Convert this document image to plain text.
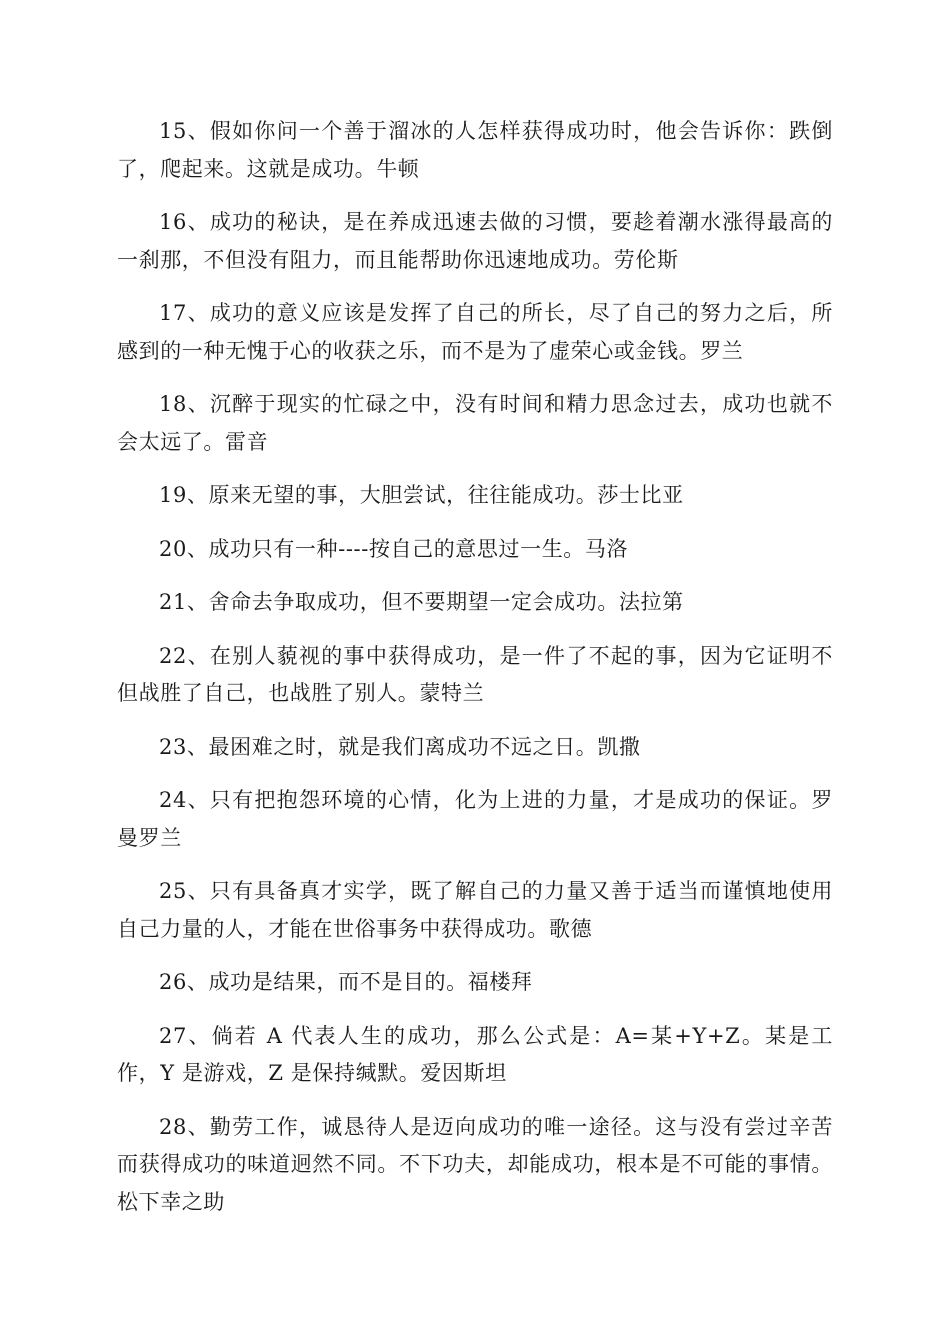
15、假如你问一个善于溜冰的人怎样获得成功时，他会告诉你：跌倒了，爬起来。这就是成功。牛顿

16、成功的秘诀，是在养成迅速去做的习惯，要趁着潮水涨得最高的一刹那，不但没有阻力，而且能帮助你迅速地成功。劳伦斯

17、成功的意义应该是发挥了自己的所长，尽了自己的努力之后，所感到的一种无愧于心的收获之乐，而不是为了虚荣心或金钱。罗兰

18、沉醉于现实的忙碌之中，没有时间和精力思念过去，成功也就不会太远了。雷音

19、原来无望的事，大胆尝试，往往能成功。莎士比亚

20、成功只有一种----按自己的意思过一生。马洛

21、舍命去争取成功，但不要期望一定会成功。法拉第

22、在别人藐视的事中获得成功，是一件了不起的事，因为它证明不但战胜了自己，也战胜了别人。蒙特兰

23、最困难之时，就是我们离成功不远之日。凯撒

24、只有把抱怨环境的心情，化为上进的力量，才是成功的保证。罗曼罗兰

25、只有具备真才实学，既了解自己的力量又善于适当而谨慎地使用自己力量的人，才能在世俗事务中获得成功。歌德

26、成功是结果，而不是目的。福楼拜

27、倘若 A 代表人生的成功，那么公式是：A=某+Y+Z。某是工作，Y 是游戏，Z 是保持缄默。爱因斯坦

28、勤劳工作，诚恳待人是迈向成功的唯一途径。这与没有尝过辛苦而获得成功的味道迥然不同。不下功夫，却能成功，根本是不可能的事情。松下幸之助
